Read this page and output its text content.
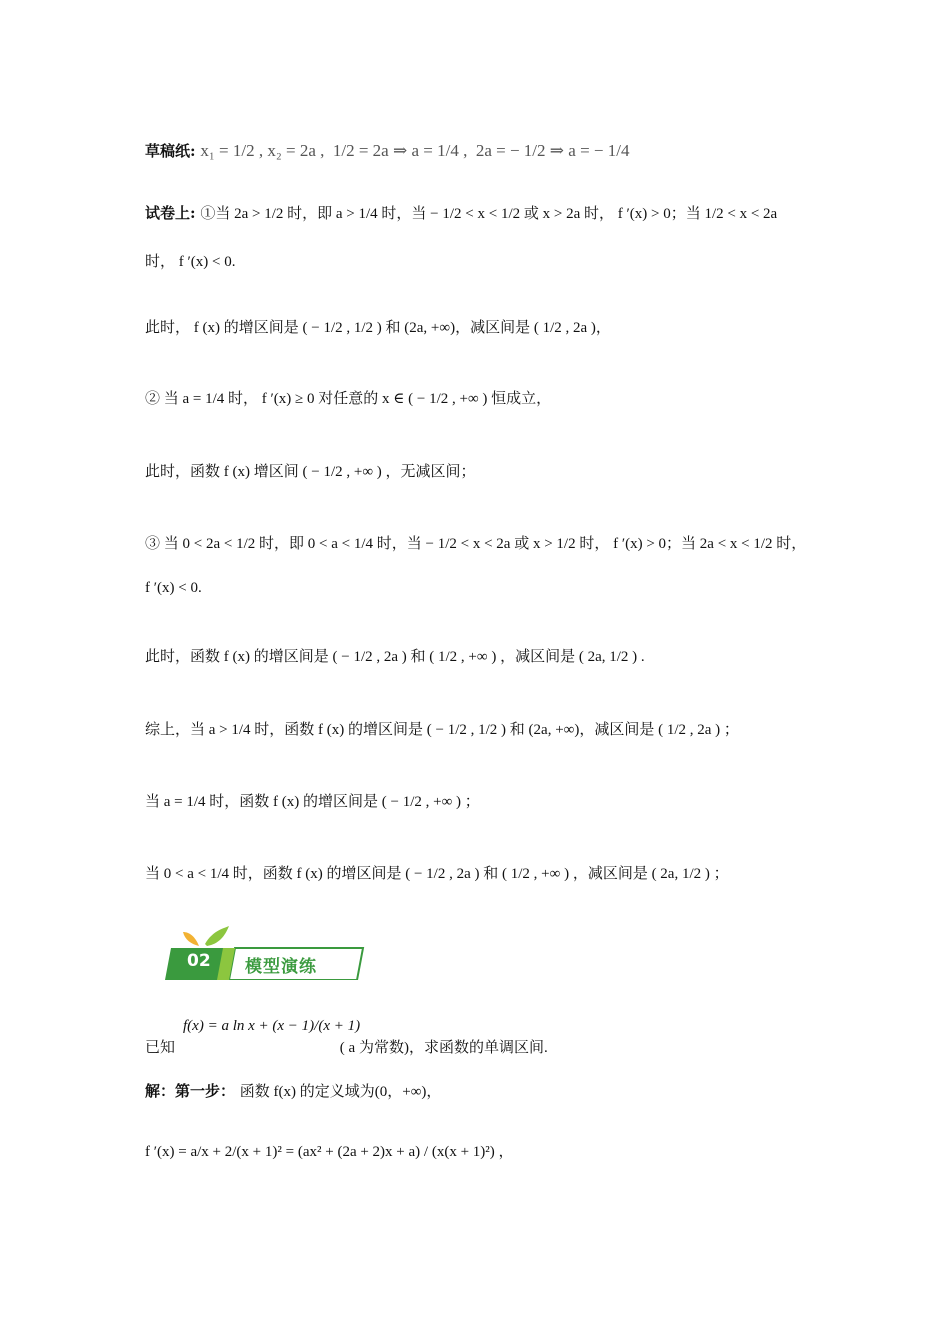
草稿纸: x₁ = 1/2 , x₂ = 2a ,  1/2 = 2a ⇒ a = 1/4 ,  2a = − 1/2 ⇒ a = − 1/4
试卷上: ①当 2a > 1/2 时，即 a > 1/4 时，当 − 1/2 < x < 1/2 或 x > 2a 时， f ′(x) > 0；当 1/2 < x < 2a
时， f ′(x) < 0.
此时， f (x) 的增区间是 ( − 1/2 , 1/2 ) 和 (2a, +∞)，减区间是 ( 1/2 , 2a )，
② 当 a = 1/4 时， f ′(x) ≥ 0 对任意的 x ∈ ( − 1/2 , +∞ ) 恒成立，
此时，函数 f (x) 增区间 ( − 1/2 , +∞ ) ，无减区间；
③ 当 0 < 2a < 1/2 时，即 0 < a < 1/4 时，当 − 1/2 < x < 2a 或 x > 1/2 时， f ′(x) > 0；当 2a < x < 1/2 时，
f ′(x) < 0.
此时，函数 f (x) 的增区间是 ( − 1/2 , 2a ) 和 ( 1/2 , +∞ ) ，减区间是 ( 2a, 1/2 ) .
综上，当 a > 1/4 时，函数 f (x) 的增区间是 ( − 1/2 , 1/2 ) 和 (2a, +∞)，减区间是 ( 1/2 , 2a ) ；
当 a = 1/4 时，函数 f (x) 的增区间是 ( − 1/2 , +∞ ) ；
当 0 < a < 1/4 时，函数 f (x) 的增区间是 ( − 1/2 , 2a ) 和 ( 1/2 , +∞ ) ，减区间是 ( 2a, 1/2 ) ；
02 模型演练
f(x) = a ln x + (x − 1)/(x + 1)
已知	( a 为常数)，求函数的单调区间.
解：第一步： 函数 f(x) 的定义域为(0，+∞)，
f ′(x) = a/x + 2/(x + 1)² = (ax² + (2a + 2)x + a) / (x(x + 1)²) ，
